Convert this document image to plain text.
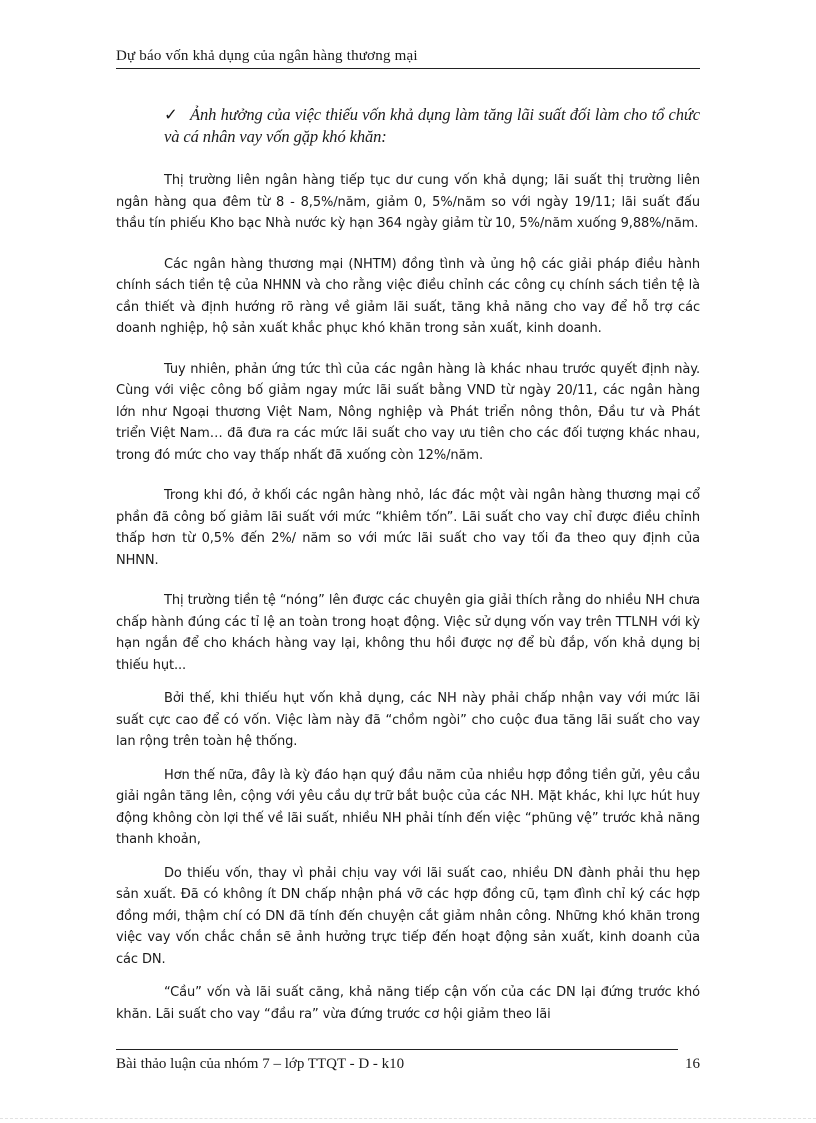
Dự báo vốn khả dụng của ngân hàng thương mại
✓ Ảnh hưởng của việc thiếu vốn khả dụng làm tăng lãi suất đối làm cho tổ chức và cá nhân vay vốn gặp khó khăn:

Thị trường liên ngân hàng tiếp tục dư cung vốn khả dụng; lãi suất thị trường liên ngân hàng qua đêm từ 8 - 8,5%/năm, giảm 0, 5%/năm so với ngày 19/11; lãi suất đấu thầu tín phiếu Kho bạc Nhà nước kỳ hạn 364 ngày giảm từ 10, 5%/năm xuống 9,88%/năm.

Các ngân hàng thương mại (NHTM) đồng tình và ủng hộ các giải pháp điều hành chính sách tiền tệ của NHNN và cho rằng việc điều chỉnh các công cụ chính sách tiền tệ là cần thiết và định hướng rõ ràng về giảm lãi suất, tăng khả năng cho vay để hỗ trợ các doanh nghiệp, hộ sản xuất khắc phục khó khăn trong sản xuất, kinh doanh.

Tuy nhiên, phản ứng tức thì của các ngân hàng là khác nhau trước quyết định này. Cùng với việc công bố giảm ngay mức lãi suất bằng VND từ ngày 20/11, các ngân hàng lớn như Ngoại thương Việt Nam, Nông nghiệp và Phát triển nông thôn, Đầu tư và Phát triển Việt Nam… đã đưa ra các mức lãi suất cho vay ưu tiên cho các đối tượng khác nhau, trong đó mức cho vay thấp nhất đã xuống còn 12%/năm.

Trong khi đó, ở khối các ngân hàng nhỏ, lác đác một vài ngân hàng thương mại cổ phần đã công bố giảm lãi suất với mức “khiêm tốn”. Lãi suất cho vay chỉ được điều chỉnh thấp hơn từ 0,5% đến 2%/ năm so với mức lãi suất cho vay tối đa theo quy định của NHNN.

Thị trường tiền tệ “nóng” lên được các chuyên gia giải thích rằng do nhiều NH chưa chấp hành đúng các tỉ lệ an toàn trong hoạt động. Việc sử dụng vốn vay trên TTLNH với kỳ hạn ngắn để cho khách hàng vay lại, không thu hồi được nợ để bù đắp, vốn khả dụng bị thiếu hụt...

Bởi thế, khi thiếu hụt vốn khả dụng, các NH này phải chấp nhận vay với mức lãi suất cực cao để có vốn. Việc làm này đã “chồm ngòi” cho cuộc đua tăng lãi suất cho vay lan rộng trên toàn hệ thống.

Hơn thế nữa, đây là kỳ đáo hạn quý đầu năm của nhiều hợp đồng tiền gửi, yêu cầu giải ngân tăng lên, cộng với yêu cầu dự trữ bắt buộc của các NH. Mặt khác, khi lực hút huy động không còn lợi thế về lãi suất, nhiều NH phải tính đến việc “phũng vệ” trước khả năng thanh khoản,

Do thiếu vốn, thay vì phải chịu vay với lãi suất cao, nhiều DN đành phải thu hẹp sản xuất. Đã có không ít DN chấp nhận phá vỡ các hợp đồng cũ, tạm đình chỉ ký các hợp đồng mới, thậm chí có DN đã tính đến chuyện cắt giảm nhân công. Những khó khăn trong việc vay vốn chắc chắn sẽ ảnh hưởng trực tiếp đến hoạt động sản xuất, kinh doanh của các DN.

“Cầu” vốn và lãi suất căng, khả năng tiếp cận vốn của các DN lại đứng trước khó khăn. Lãi suất cho vay “đầu ra” vừa đứng trước cơ hội giảm theo lãi

Bài thảo luận của nhóm 7 – lớp TTQT - D - k10	16
